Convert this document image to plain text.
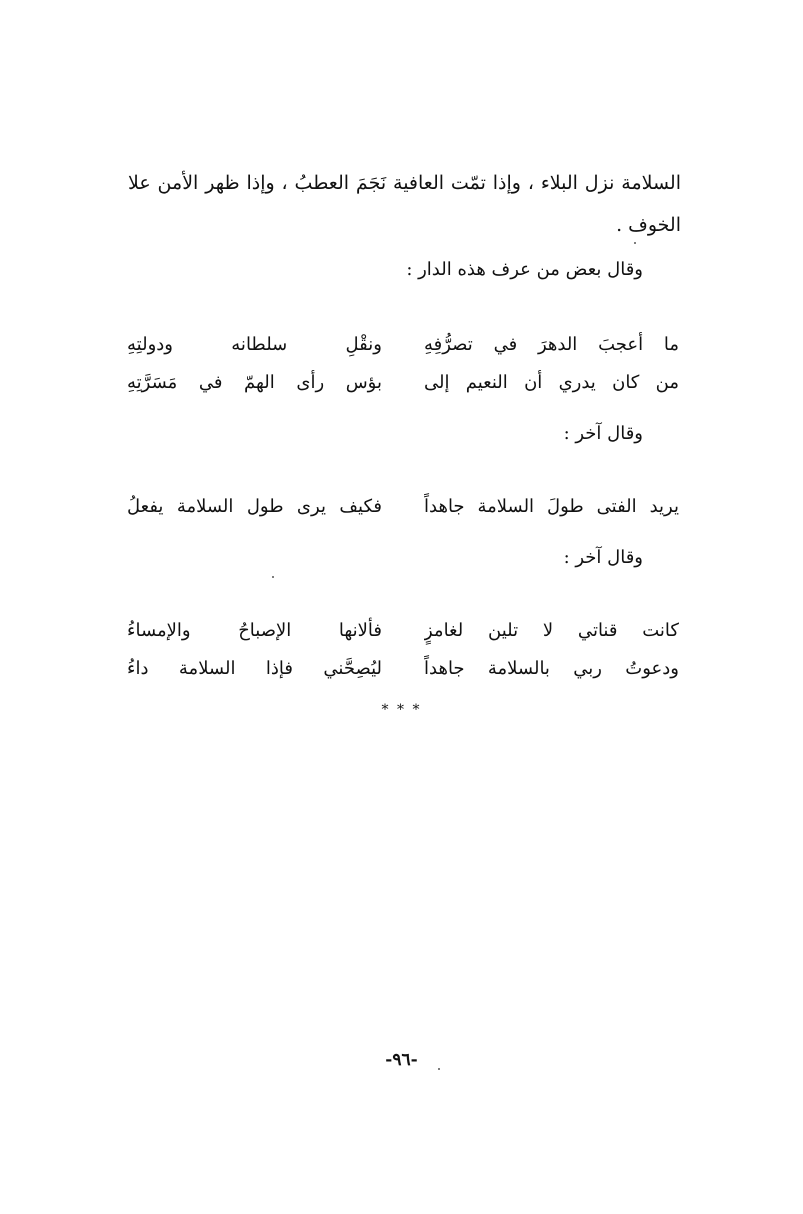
السلامة نزل البلاء ، وإذا تمّت العافية نَجَمَ العطبُ ، وإذا ظهر الأمن علا الخوف .

وقال بعض من عرف هذه الدار :
ما أعجبَ الدهرَ في تصرُّفِهِ
ونقْلِ سلطانه ودولتِهِ
من كان يدري أن النعيم إلى
بؤس رأى الهمّ في مَسَرَّتِهِ
وقال آخر :
يريد الفتى طولَ السلامة جاهداً
فكيف يرى طول السلامة يفعلُ
وقال آخر :
كانت قناتي لا تلين لغامزٍ
فألانها الإصباحُ والإمساءُ
ودعوتُ ربي بالسلامة جاهداً
ليُصِحَّني فإذا السلامة داءُ
* * *
-٩٦-
